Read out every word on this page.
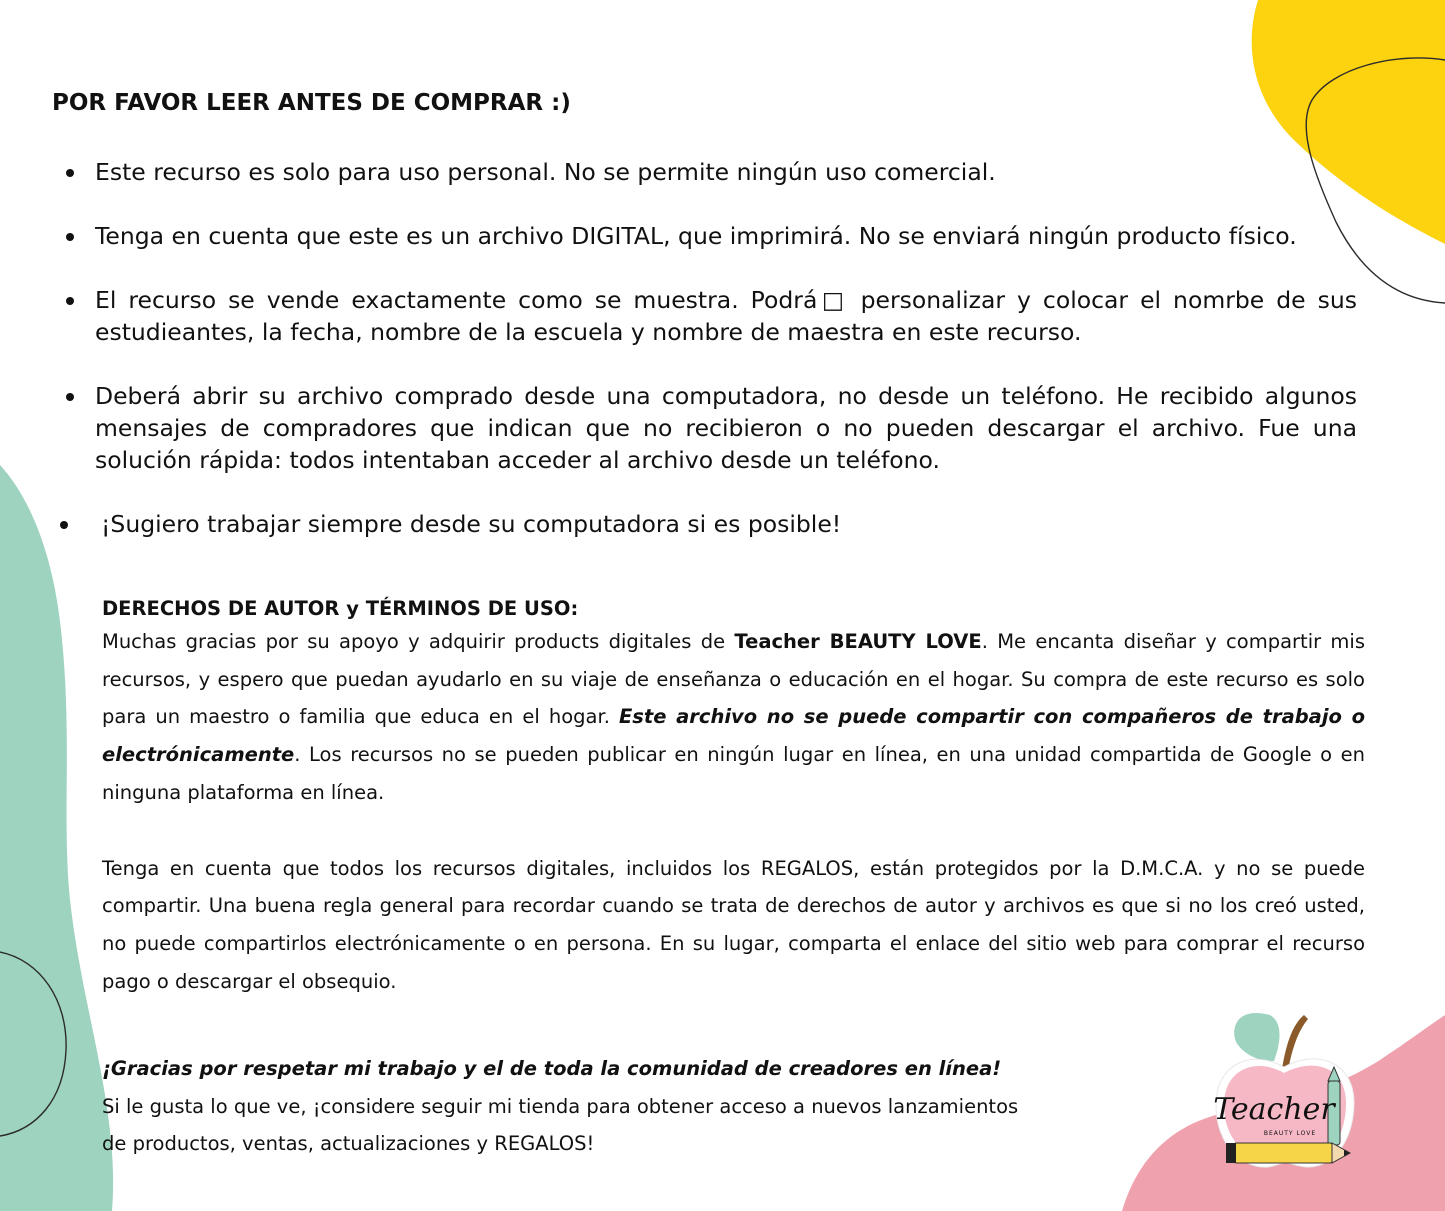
POR FAVOR LEER ANTES DE COMPRAR :)
Este recurso es solo para uso personal. No se permite ningún uso comercial.
Tenga en cuenta que este es un archivo DIGITAL, que imprimirá. No se enviará ningún producto físico.
El recurso se vende exactamente como se muestra. Podrá□ personalizar y colocar el nomrbe de sus estudieantes, la fecha, nombre de la escuela y nombre de maestra en este recurso.
Deberá abrir su archivo comprado desde una computadora, no desde un teléfono. He recibido algunos mensajes de compradores que indican que no recibieron o no pueden descargar el archivo. Fue una solución rápida: todos intentaban acceder al archivo desde un teléfono.
¡Sugiero trabajar siempre desde su computadora si es posible!
DERECHOS DE AUTOR y TÉRMINOS DE USO:

Muchas gracias por su apoyo y adquirir products digitales de Teacher BEAUTY LOVE. Me encanta diseñar y compartir mis recursos, y espero que puedan ayudarlo en su viaje de enseñanza o educación en el hogar. Su compra de este recurso es solo para un maestro o familia que educa en el hogar. Este archivo no se puede compartir con compañeros de trabajo o electrónicamente. Los recursos no se pueden publicar en ningún lugar en línea, en una unidad compartida de Google o en ninguna plataforma en línea.

Tenga en cuenta que todos los recursos digitales, incluidos los REGALOS, están protegidos por la D.M.C.A. y no se puede compartir. Una buena regla general para recordar cuando se trata de derechos de autor y archivos es que si no los creó usted, no puede compartirlos electrónicamente o en persona. En su lugar, comparta el enlace del sitio web para comprar el recurso pago o descargar el obsequio.

¡Gracias por respetar mi trabajo y el de toda la comunidad de creadores en línea!

Si le gusta lo que ve, ¡considere seguir mi tienda para obtener acceso a nuevos lanzamientos

de productos, ventas, actualizaciones y REGALOS!

Teacher
BEAUTY LOVE
